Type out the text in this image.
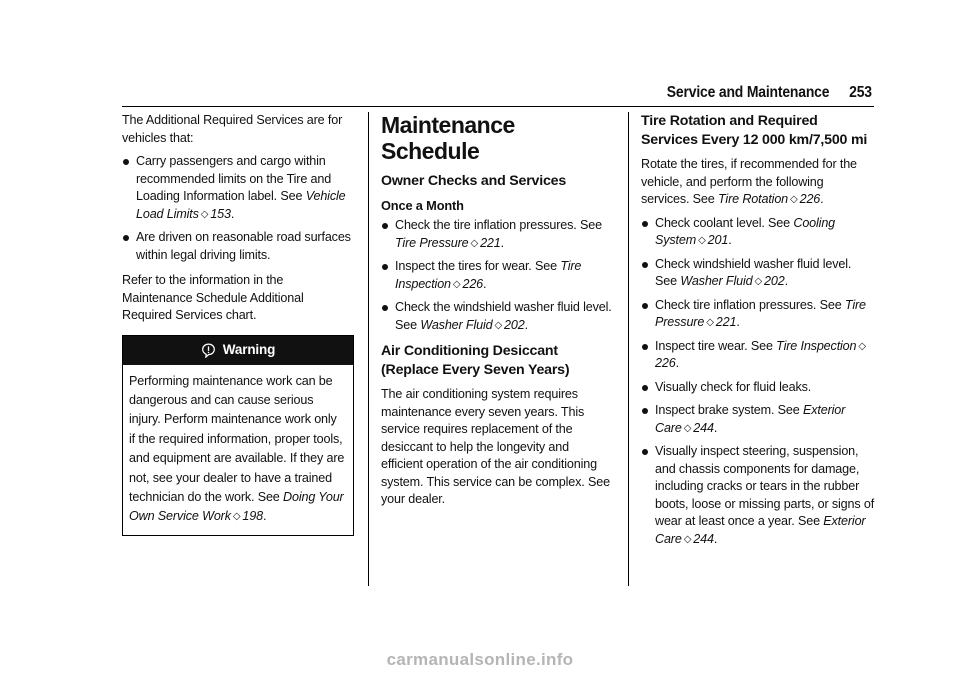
Service and Maintenance 253

The Additional Required Services are for vehicles that:

Carry passengers and cargo within recommended limits on the Tire and Loading Information label. See Vehicle Load Limits ◇ 153.
Are driven on reasonable road surfaces within legal driving limits.

Refer to the information in the Maintenance Schedule Additional Required Services chart.

Warning
Performing maintenance work can be dangerous and can cause serious injury. Perform maintenance work only if the required information, proper tools, and equipment are available. If they are not, see your dealer to have a trained technician do the work. See Doing Your Own Service Work ◇ 198.
Maintenance Schedule
Owner Checks and Services
Once a Month
Check the tire inflation pressures. See Tire Pressure ◇ 221.
Inspect the tires for wear. See Tire Inspection ◇ 226.
Check the windshield washer fluid level. See Washer Fluid ◇ 202.
Air Conditioning Desiccant (Replace Every Seven Years)

The air conditioning system requires maintenance every seven years. This service requires replacement of the desiccant to help the longevity and efficient operation of the air conditioning system. This service can be complex. See your dealer.

Tire Rotation and Required Services Every 12 000 km/7,500 mi

Rotate the tires, if recommended for the vehicle, and perform the following services. See Tire Rotation ◇ 226.

Check coolant level. See Cooling System ◇ 201.
Check windshield washer fluid level. See Washer Fluid ◇ 202.
Check tire inflation pressures. See Tire Pressure ◇ 221.
Inspect tire wear. See Tire Inspection ◇226.
Visually check for fluid leaks.
Inspect brake system. See Exterior Care ◇ 244.
Visually inspect steering, suspension, and chassis components for damage, including cracks or tears in the rubber boots, loose or missing parts, or signs of wear at least once a year. See Exterior Care ◇ 244.
carmanualsonline.info
